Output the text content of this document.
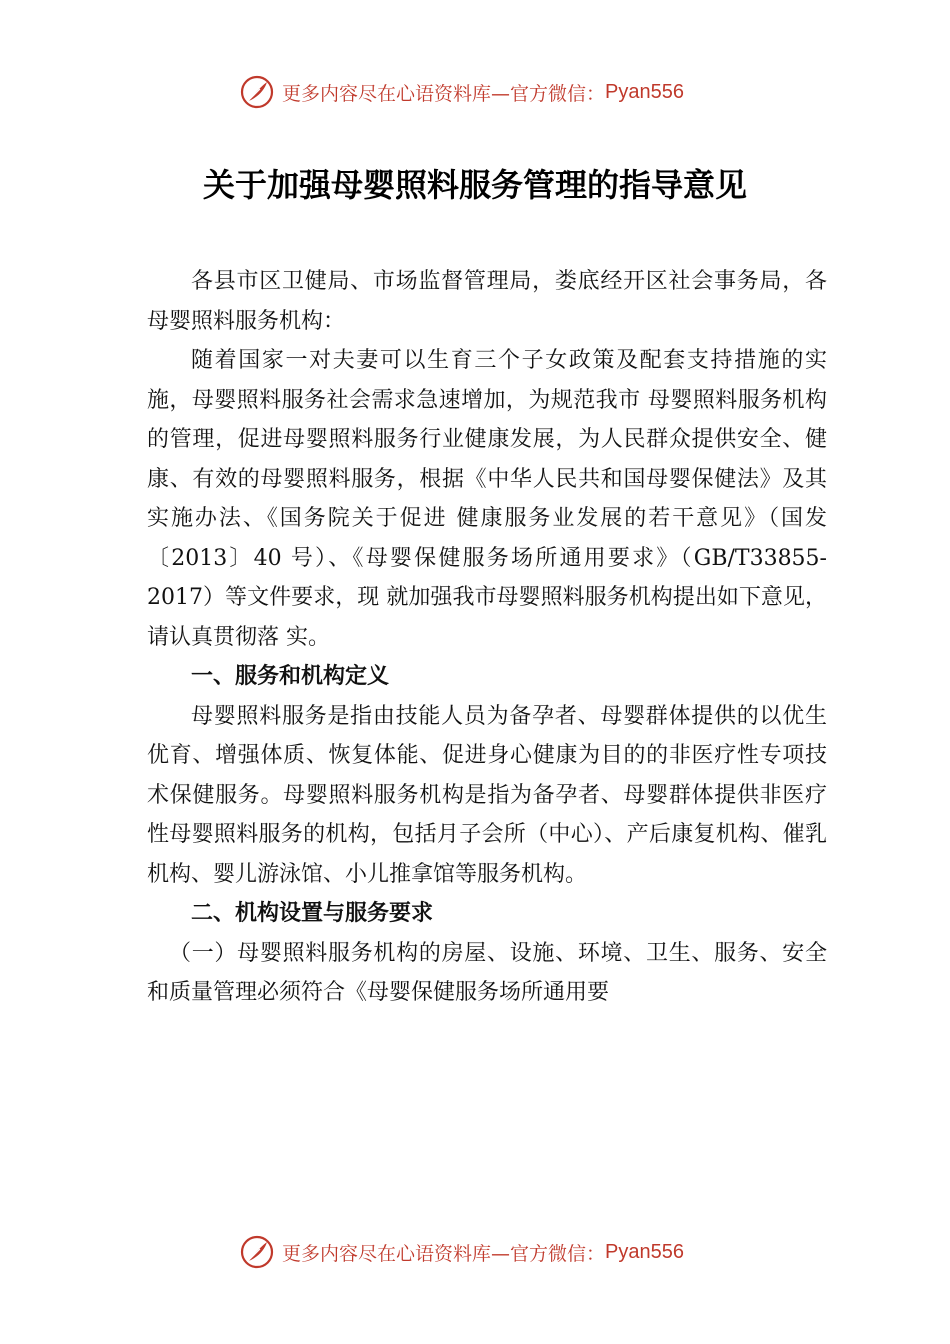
更多内容尽在心语资料库—官方微信： Pyan556
关于加强母婴照料服务管理的指导意见

各县市区卫健局、市场监督管理局，娄底经开区社会事务局，各母婴照料服务机构：

随着国家一对夫妻可以生育三个子女政策及配套支持措施的实施，母婴照料服务社会需求急速增加，为规范我市 母婴照料服务机构的管理，促进母婴照料服务行业健康发展，为人民群众提供安全、健康、有效的母婴照料服务，根据《中华人民共和国母婴保健法》及其实施办法、《国务院关于促进 健康服务业发展的若干意见》（国发〔2013〕40 号）、《母婴保健服务场所通用要求》（GB/T33855-2017）等文件要求，现 就加强我市母婴照料服务机构提出如下意见，请认真贯彻落 实。

一、服务和机构定义

母婴照料服务是指由技能人员为备孕者、母婴群体提供的以优生优育、增强体质、恢复体能、促进身心健康为目的的非医疗性专项技术保健服务。母婴照料服务机构是指为备孕者、母婴群体提供非医疗性母婴照料服务的机构，包括月子会所（中心）、产后康复机构、催乳机构、婴儿游泳馆、小儿推拿馆等服务机构。

二、机构设置与服务要求

（一）母婴照料服务机构的房屋、设施、环境、卫生、服务、安全和质量管理必须符合《母婴保健服务场所通用要

更多内容尽在心语资料库—官方微信： Pyan556
